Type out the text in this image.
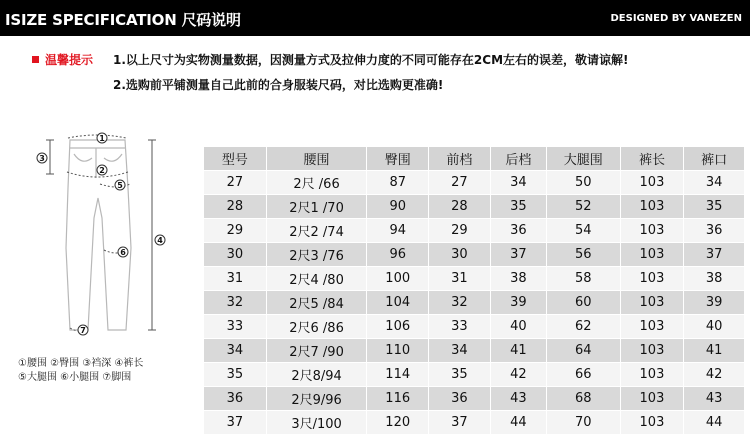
ISIZE SPECIFICATION 尺码说明	DESIGNED BY VANEZEN
温馨提示 1.以上尺寸为实物测量数据，因测量方式及拉伸力度的不同可能存在2CM左右的误差，敬请谅解!
2.选购前平铺测量自己此前的合身服装尺码，对比选购更准确!
1
2
3
4
5
6
7
①腰围 ②臀围 ③裆深 ④裤长
⑤大腿围 ⑥小腿围 ⑦脚围
型号	腰围	臀围	前档	后档	大腿围	裤长	裤口
27	2尺 /66	87	27	34	50	103	34
28	2尺1 /70	90	28	35	52	103	35
29	2尺2 /74	94	29	36	54	103	36
30	2尺3 /76	96	30	37	56	103	37
31	2尺4 /80	100	31	38	58	103	38
32	2尺5 /84	104	32	39	60	103	39
33	2尺6 /86	106	33	40	62	103	40
34	2尺7 /90	110	34	41	64	103	41
35	2尺8/94	114	35	42	66	103	42
36	2尺9/96	116	36	43	68	103	43
37	3尺/100	120	37	44	70	103	44
